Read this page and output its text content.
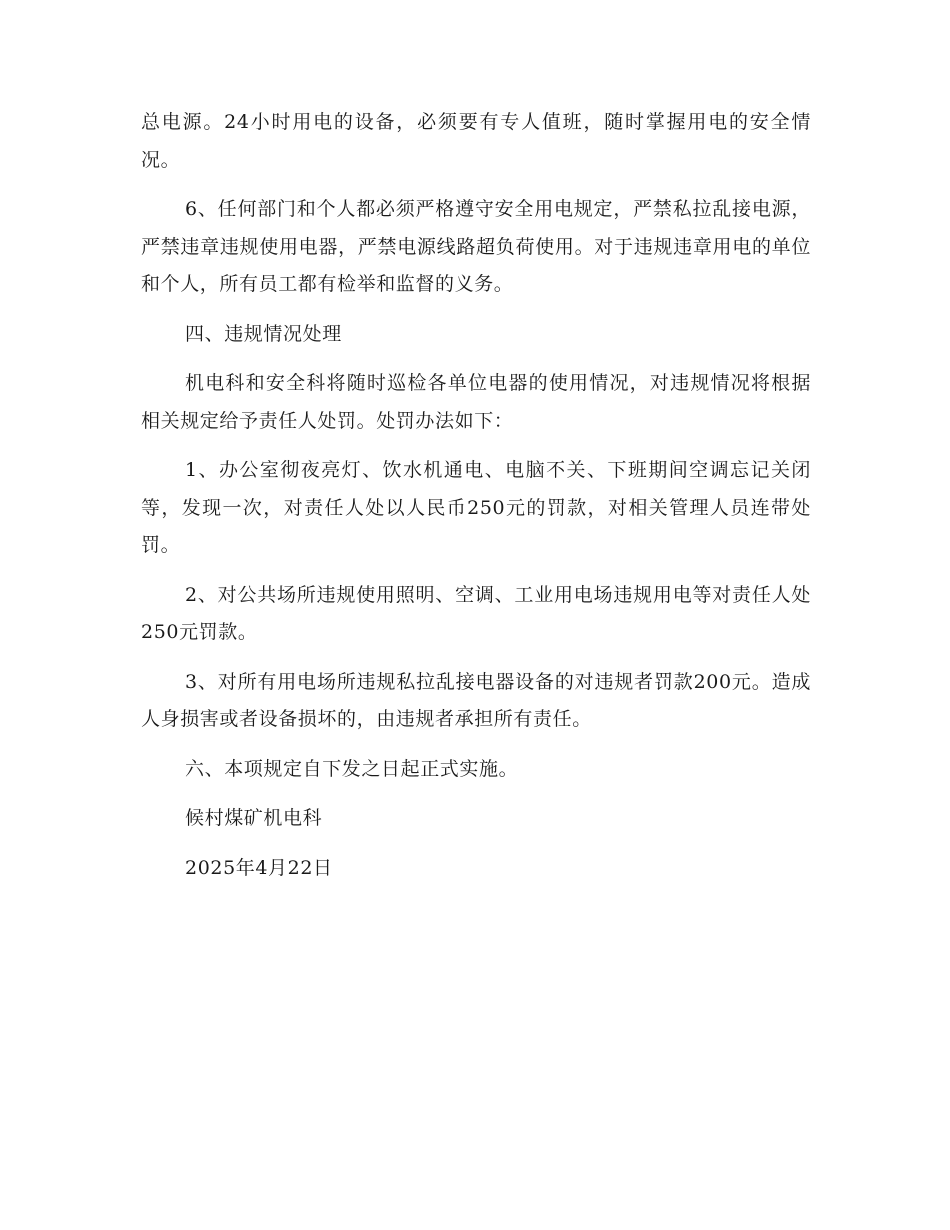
总电源。24小时用电的设备，必须要有专人值班，随时掌握用电的安全情况。

6、任何部门和个人都必须严格遵守安全用电规定，严禁私拉乱接电源，严禁违章违规使用电器，严禁电源线路超负荷使用。对于违规违章用电的单位和个人，所有员工都有检举和监督的义务。

四、违规情况处理

机电科和安全科将随时巡检各单位电器的使用情况，对违规情况将根据相关规定给予责任人处罚。处罚办法如下：

1、办公室彻夜亮灯、饮水机通电、电脑不关、下班期间空调忘记关闭等，发现一次，对责任人处以人民币250元的罚款，对相关管理人员连带处罚。

2、对公共场所违规使用照明、空调、工业用电场违规用电等对责任人处250元罚款。

3、对所有用电场所违规私拉乱接电器设备的对违规者罚款200元。造成人身损害或者设备损坏的，由违规者承担所有责任。

六、本项规定自下发之日起正式实施。

候村煤矿机电科

2025年4月22日
